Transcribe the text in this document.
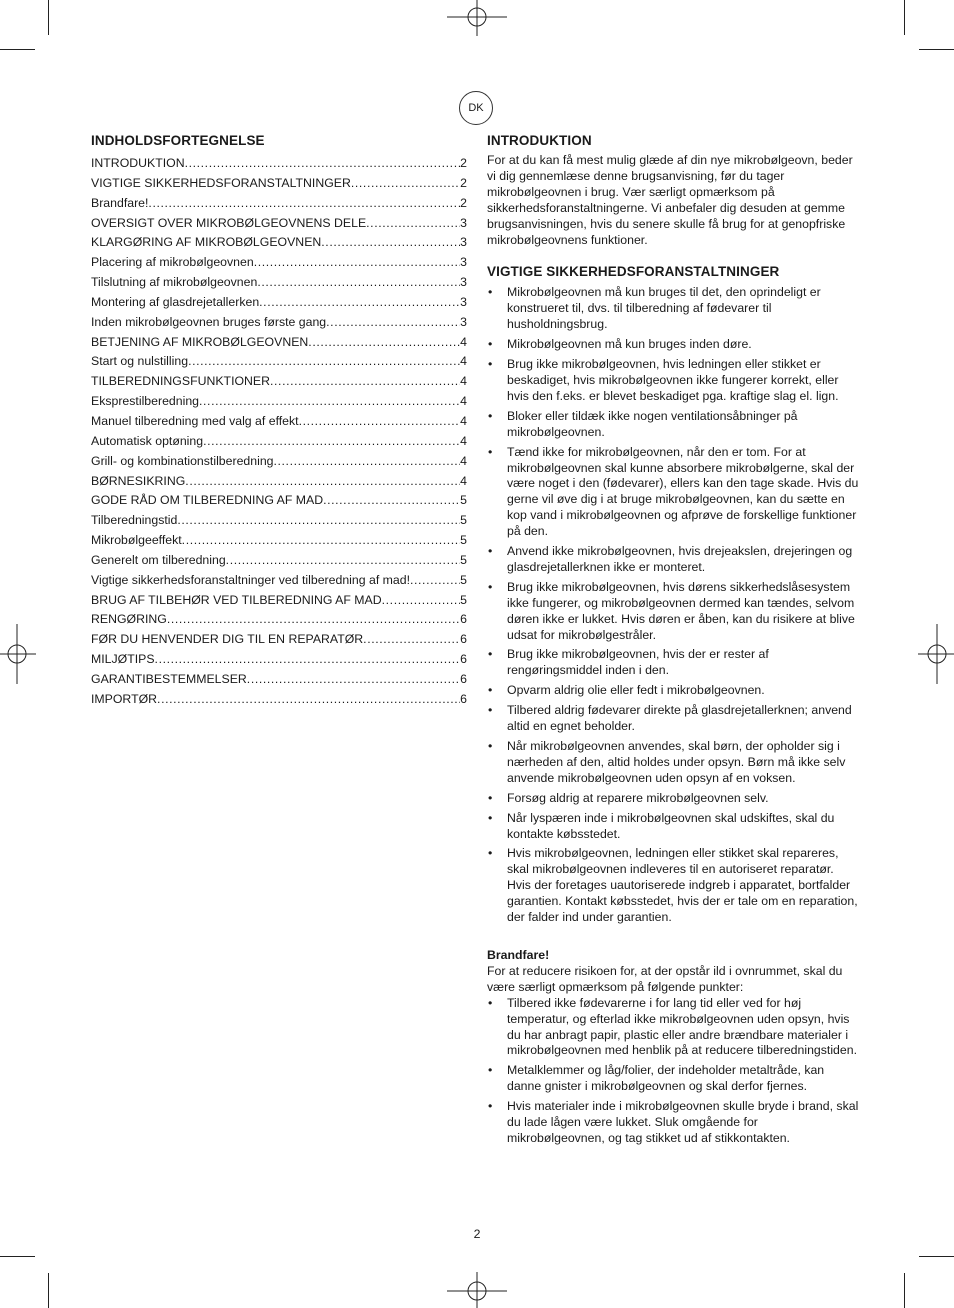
DK
INDHOLDSFORTEGNELSE
INTRODUKTION .....	2
VIGTIGE SIKKERHEDSFORANSTALTNINGER .....	2
Brandfare! .....	2
OVERSIGT OVER MIKROBØLGEOVNENS DELE .....	3
KLARGØRING AF MIKROBØLGEOVNEN .....	3
Placering af mikrobølgeovnen .....	3
Tilslutning af mikrobølgeovnen .....	3
Montering af glasdrejetallerken .....	3
Inden mikrobølgeovnen bruges første gang .....	3
BETJENING AF MIKROBØLGEOVNEN .....	4
Start og nulstilling .....	4
TILBEREDNINGSFUNKTIONER .....	4
Eksprestilberedning .....	4
Manuel tilberedning med valg af effekt .....	4
Automatisk optøning .....	4
Grill- og kombinationstilberedning .....	4
BØRNESIKRING .....	4
GODE RÅD OM TILBEREDNING AF MAD .....	5
Tilberedningstid .....	5
Mikrobølgeeffekt .....	5
Generelt om tilberedning .....	5
Vigtige sikkerhedsforanstaltninger ved tilberedning af mad! .....	5
BRUG AF TILBEHØR VED TILBEREDNING AF MAD .....	5
RENGØRING .....	6
FØR DU HENVENDER DIG TIL EN REPARATØR .....	6
MILJØTIPS .....	6
GARANTIBESTEMMELSER .....	6
IMPORTØR .....	6
INTRODUKTION

For at du kan få mest mulig glæde af din nye mikrobølgeovn, beder vi dig gennemlæse denne brugsanvisning, før du tager mikrobølgeovnen i brug. Vær særligt opmærksom på sikkerhedsforanstaltningerne. Vi anbefaler dig desuden at gemme brugsanvisningen, hvis du senere skulle få brug for at genopfriske mikrobølgeovnens funktioner.

VIGTIGE SIKKERHEDSFORANSTALTNINGER
• Mikrobølgeovnen må kun bruges til det, den oprindeligt er konstrueret til, dvs. til tilberedning af fødevarer til husholdningsbrug.
• Mikrobølgeovnen må kun bruges inden døre.
• Brug ikke mikrobølgeovnen, hvis ledningen eller stikket er beskadiget, hvis mikrobølgeovnen ikke fungerer korrekt, eller hvis den f.eks. er blevet beskadiget pga. kraftige slag el. lign.
• Bloker eller tildæk ikke nogen ventilationsåbninger på mikrobølgeovnen.
• Tænd ikke for mikrobølgeovnen, når den er tom. For at mikrobølgeovnen skal kunne absorbere mikrobølgerne, skal der være noget i den (fødevarer), ellers kan den tage skade. Hvis du gerne vil øve dig i at bruge mikrobølgeovnen, kan du sætte en kop vand i mikrobølgeovnen og afprøve de forskellige funktioner på den.
• Anvend ikke mikrobølgeovnen, hvis drejeakslen, drejeringen og glasdrejetallerknen ikke er monteret.
• Brug ikke mikrobølgeovnen, hvis dørens sikkerhedslåsesystem ikke fungerer, og mikrobølgeovnen dermed kan tændes, selvom døren ikke er lukket. Hvis døren er åben, kan du risikere at blive udsat for mikrobølgestråler.
• Brug ikke mikrobølgeovnen, hvis der er rester af rengøringsmiddel inden i den.
• Opvarm aldrig olie eller fedt i mikrobølgeovnen.
• Tilbered aldrig fødevarer direkte på glasdrejetallerknen; anvend altid en egnet beholder.
• Når mikrobølgeovnen anvendes, skal børn, der opholder sig i nærheden af den, altid holdes under opsyn. Børn må ikke selv anvende mikrobølgeovnen uden opsyn af en voksen.
• Forsøg aldrig at reparere mikrobølgeovnen selv.
• Når lyspæren inde i mikrobølgeovnen skal udskiftes, skal du kontakte købsstedet.
• Hvis mikrobølgeovnen, ledningen eller stikket skal repareres, skal mikrobølgeovnen indleveres til en autoriseret reparatør. Hvis der foretages uautoriserede indgreb i apparatet, bortfalder garantien. Kontakt købsstedet, hvis der er tale om en reparation, der falder ind under garantien.
Brandfare!

For at reducere risikoen for, at der opstår ild i ovnrummet, skal du være særligt opmærksom på følgende punkter:

• Tilbered ikke fødevarerne i for lang tid eller ved for høj temperatur, og efterlad ikke mikrobølgeovnen uden opsyn, hvis du har anbragt papir, plastic eller andre brændbare materialer i mikrobølgeovnen med henblik på at reducere tilberedningstiden.
• Metalklemmer og låg/folier, der indeholder metaltråde, kan danne gnister i mikrobølgeovnen og skal derfor fjernes.
• Hvis materialer inde i mikrobølgeovnen skulle bryde i brand, skal du lade lågen være lukket. Sluk omgående for mikrobølgeovnen, og tag stikket ud af stikkontakten.
2
